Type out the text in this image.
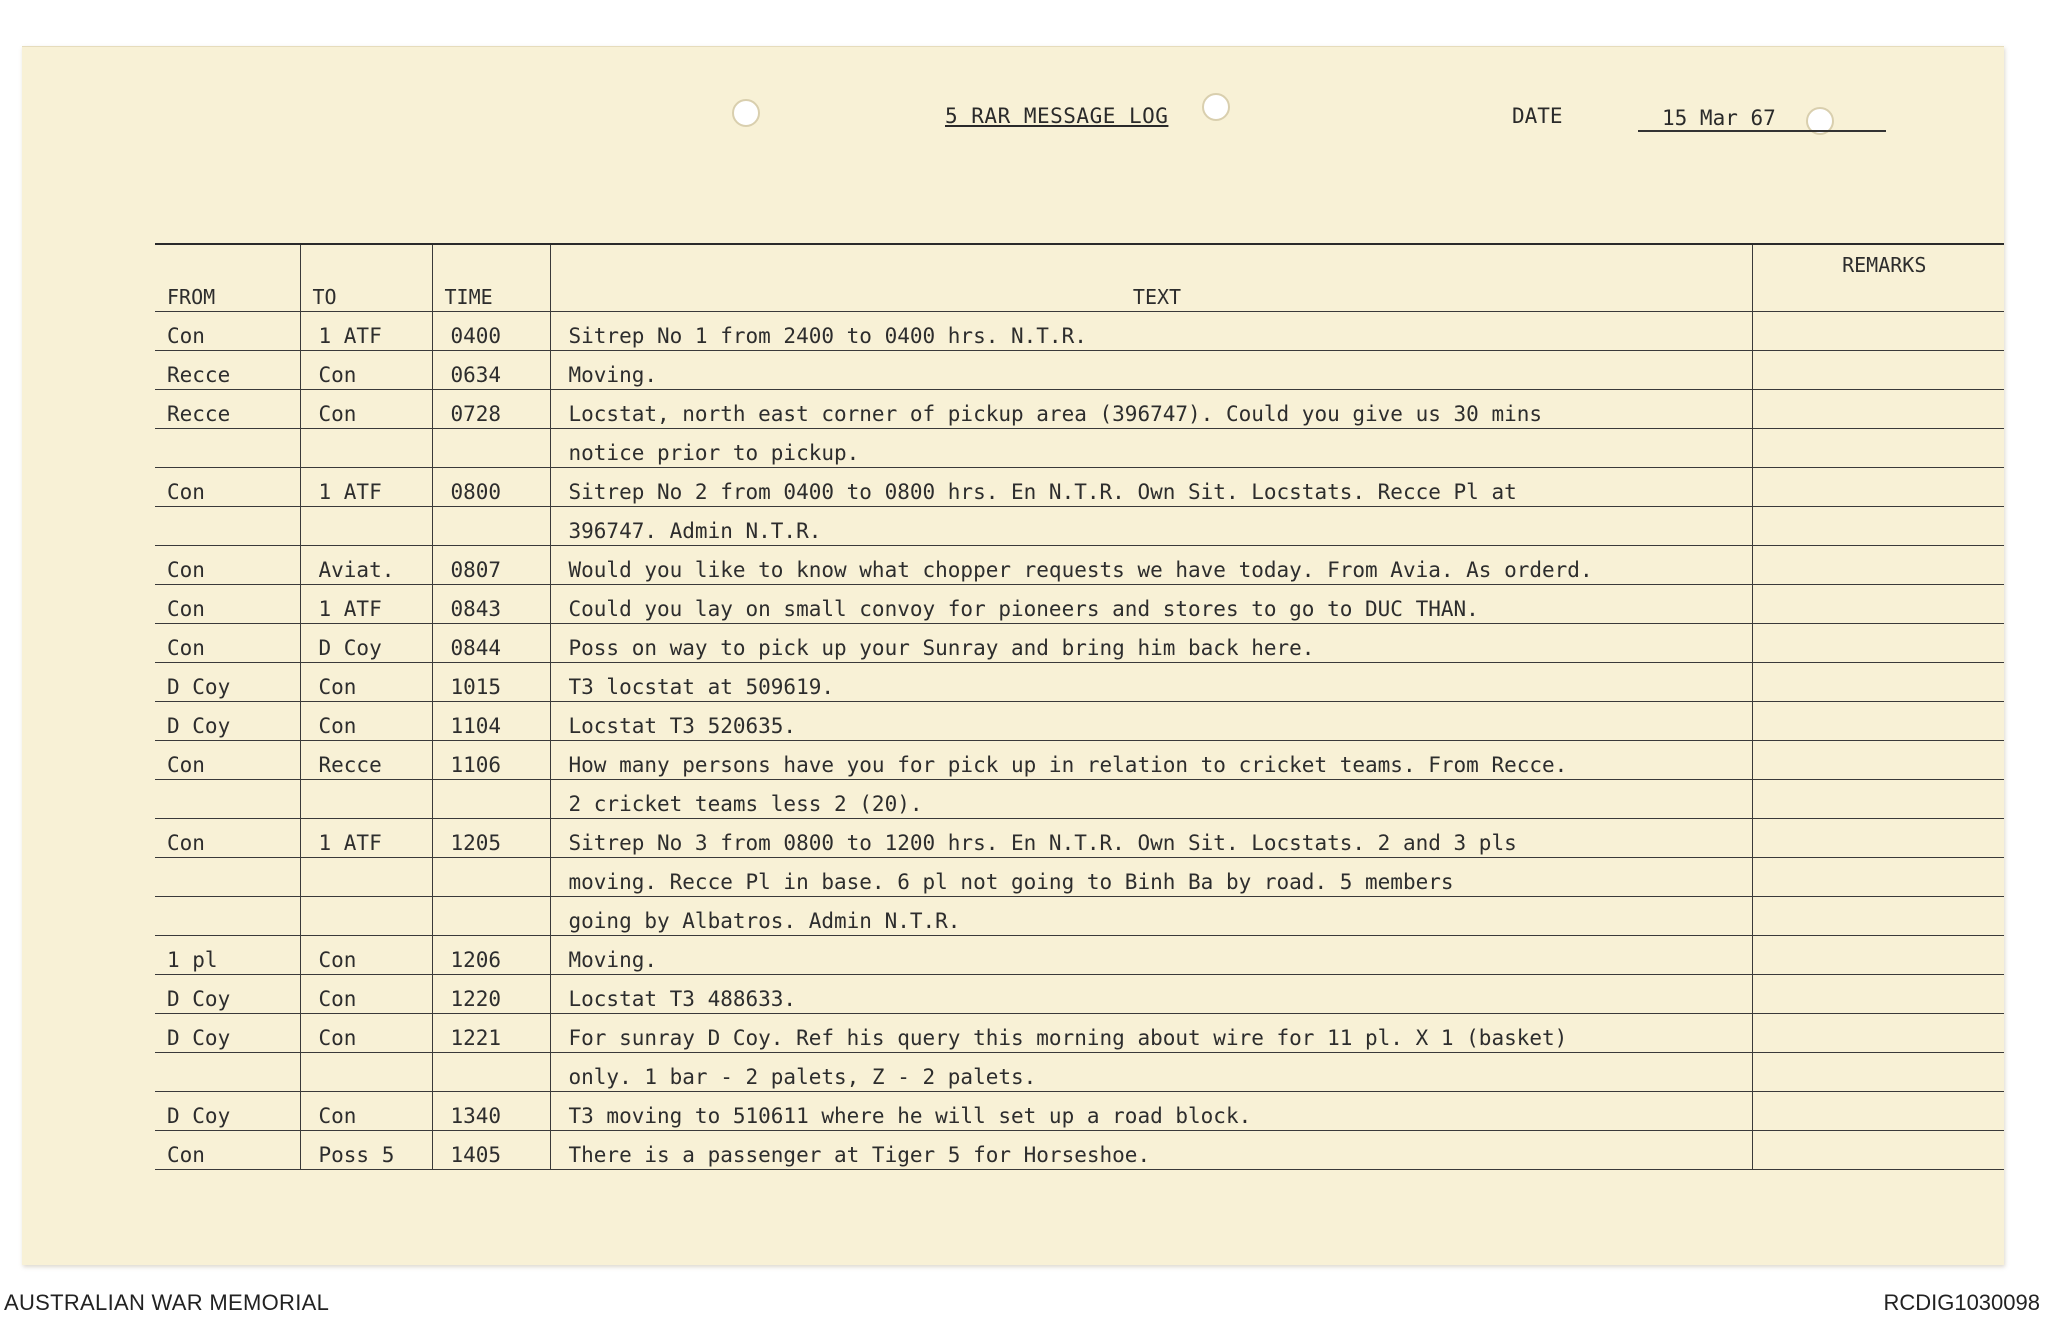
5 RAR MESSAGE LOG	DATE	15 Mar 67
FROM	TO	TIME	TEXT	REMARKS
Con	1 ATF	0400	Sitrep No 1 from 2400 to 0400 hrs. N.T.R.	
Recce	Con	0634	Moving.	
Recce	Con	0728	Locstat, north east corner of pickup area (396747). Could you give us 30 mins	
			notice prior to pickup.	
Con	1 ATF	0800	Sitrep No 2 from 0400 to 0800 hrs. En N.T.R. Own Sit. Locstats. Recce Pl at	
			396747. Admin N.T.R.	
Con	Aviat.	0807	Would you like to know what chopper requests we have today. From Avia. As orderd.	
Con	1 ATF	0843	Could you lay on small convoy for pioneers and stores to go to DUC THAN.	
Con	D Coy	0844	Poss on way to pick up your Sunray and bring him back here.	
D Coy	Con	1015	T3 locstat at 509619.	
D Coy	Con	1104	Locstat T3 520635.	
Con	Recce	1106	How many persons have you for pick up in relation to cricket teams. From Recce.	
			2 cricket teams less 2 (20).	
Con	1 ATF	1205	Sitrep No 3 from 0800 to 1200 hrs. En N.T.R. Own Sit. Locstats. 2 and 3 pls	
			moving. Recce Pl in base. 6 pl not going to Binh Ba by road. 5 members	
			going by Albatros. Admin N.T.R.	
1 pl	Con	1206	Moving.	
D Coy	Con	1220	Locstat T3 488633.	
D Coy	Con	1221	For sunray D Coy. Ref his query this morning about wire for 11 pl. X 1 (basket)	
			only. 1 bar - 2 palets, Z - 2 palets.	
D Coy	Con	1340	T3 moving to 510611 where he will set up a road block.	
Con	Poss 5	1405	There is a passenger at Tiger 5 for Horseshoe.	
AUSTRALIAN WAR MEMORIAL	RCDIG1030098
